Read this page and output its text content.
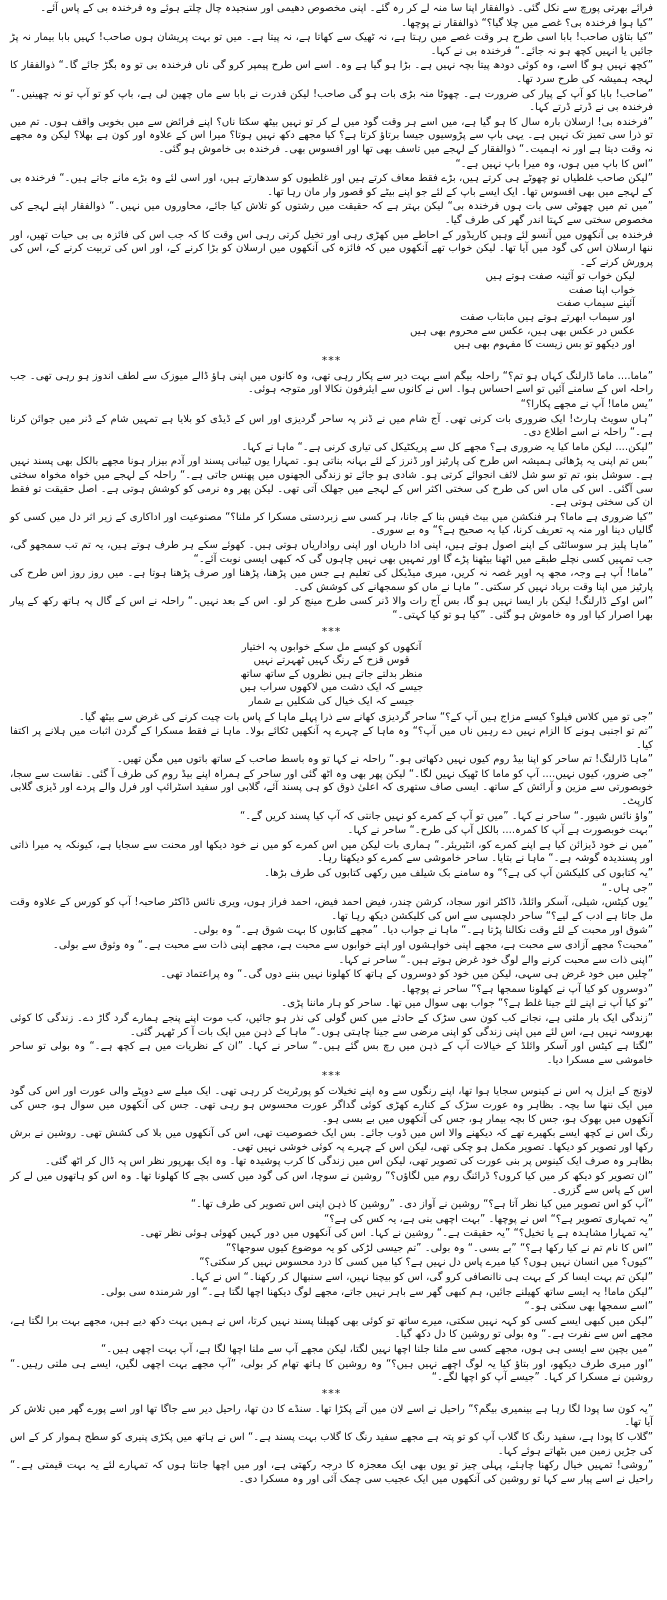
فرائے بھرتی پورچ سے نکل گئی۔ ذوالفقار اپنا سا منہ لے کر رہ گئے۔ اپنی مخصوص دھیمی اور سنجیدہ چال چلتے ہوئے وہ فرخندہ بی کے پاس آئے۔

”کیا ہوا فرخندہ بی؟ غصے میں چلا گیا؟“ ذوالفقار نے پوچھا۔

”کیا بتاؤں صاحب! بابا اسی طرح ہر وقت غصے میں رہتا ہے، نہ ٹھیک سے کھاتا ہے، نہ پیتا ہے۔ میں تو بہت پریشان ہوں صاحب! کہیں بابا بیمار نہ پڑ جائیں یا انہیں کچھ ہو نہ جائے۔“ فرخندہ بی نے کہا۔

”کچھ نہیں ہو گا اسے، وہ کوئی دودھ پیتا بچہ نہیں ہے۔ بڑا ہو گیا ہے وہ۔ اسے اس طرح پیمپر کرو گی ناں فرخندہ بی تو وہ بگڑ جائے گا۔“ ذوالفقار کا لہجہ ہمیشہ کی طرح سرد تھا۔

”صاحب! بابا کو آپ کے پیار کی ضرورت ہے۔ چھوٹا منہ بڑی بات ہو گی صاحب! لیکن قدرت نے بابا سے ماں چھین لی ہے، باپ کو تو آپ تو نہ چھینیں۔“ فرخندہ بی نے ڈرتے ڈرتے کہا۔

”فرخندہ بی! ارسلان بارہ سال کا ہو گیا ہے، میں اسے ہر وقت گود میں لے کر تو نہیں بیٹھ سکتا ناں؟ اپنے فرائض سے میں بخوبی واقف ہوں۔ تم میں تو ذرا سی تمیز تک نہیں ہے۔ یہی باپ سے پڑوسیوں جیسا برتاؤ کرتا ہے؟ کیا مجھے دکھ نہیں ہوتا؟ میرا اس کے علاوہ اور کون ہے بھلا؟ لیکن وہ مجھے نہ وقت دیتا ہے اور نہ اہمیت۔“ ذوالفقار کے لہجے میں تاسف بھی تھا اور افسوس بھی۔ فرخندہ بی خاموش ہو گئی۔

”اس کا باپ میں ہوں، وہ میرا باپ نہیں ہے۔“

”لیکن صاحب غلطیاں تو چھوٹے ہی کرتے ہیں، بڑے فقط معاف کرتے ہیں اور غلطیوں کو سدھارتے ہیں، اور اسی لئے وہ بڑے مانے جاتے ہیں۔“ فرخندہ بی کے لہجے میں بھی افسوس تھا۔ ایک ایسے باپ کے لئے جو اپنے بیٹے کو قصور وار مان رہا تھا۔

”میں تم میں چھوٹی سی بات ہوں فرخندہ بی“ لیکن بہتر ہے کہ حقیقت میں رشتوں کو تلاش کیا جائے، محاوروں میں نہیں۔“ ذوالفقار اپنے لہجے کی مخصوص سختی سے کہتا اندر گھر کی طرف گیا۔

فرخندہ بی آنکھوں میں آنسو لئے وہیں کاریڈور کے احاطے میں کھڑی رہی اور تخیل کرتی رہی اس وقت کا کہ جب اس کی فائزہ بی بی حیات تھیں، اور ننھا ارسلان اس کی گود میں آیا تھا۔ لیکن خواب تھے آنکھوں میں کہ فائزہ کی آنکھوں میں ارسلان کو بڑا کرنے کے، اور اس کی تربیت کرنے کے، اس کی پرورش کرنے کے۔

لیکن خواب تو آئینہ صفت ہوتے ہیں
خواب اپنا صفت
آئینے سیماب صفت
اور سیماب ابھرتے ہوتے ہیں مابتاب صفت
عکس در عکس بھی ہیں، عکس سے محروم بھی ہیں
اور دیکھو تو بس زیست کا مفہوم بھی ہیں
***

”ماما.... ماما ڈارلنگ کہاں ہو تم؟“ راحلہ بیگم اسے بہت دیر سے پکار رہی تھی، وہ کانوں میں اپنی ہاؤ ڈالے میوزک سے لطف اندوز ہو رہی تھی۔ جب راحلہ اس کے سامنے آئیں تو اسے احساس ہوا۔ اس نے کانوں سے ایئرفون نکالا اور متوجہ ہوئی۔

”یس ماما! آپ نے مجھے پکارا؟“

”ہاں سویٹ ہارٹ! ایک ضروری بات کرنی تھی۔ آج شام میں نے ڈنر پہ ساحر گردیزی اور اس کے ڈیڈی کو بلایا ہے تمہیں شام کے ڈنر میں جوائن کرنا ہے۔“ راحلہ نے اسے اطلاع دی۔

”لیکن.... لیکن ماما کیا یہ ضروری ہے؟ مجھے کل سے پریکٹیکل کی تیاری کرنی ہے۔“ ماہا نے کہا۔

”بس تم اپنی یہ پڑھائی ہمیشہ اس طرح کی پارٹیز اور ڈنرز کے لئے بہانہ بناتی ہو۔ تمہارا یوں ٹیبانی پسند اور آدم بیزار ہونا مجھے بالکل بھی پسند نہیں ہے۔ سوشل بنو، تم تو سو شل لائف انجوائے کرتی ہو۔ شادی ہو جائے تو زندگی الجھنوں میں پھنس جاتی ہے۔“ راحلہ کے لہجے میں خواہ مخواہ سختی سی آگئی۔ اس کی ماں اس کی طرح کی سختی اکثر اس کے لہجے میں جھلک آتی تھی۔ لیکن پھر وہ نرمی کو کوشش ہوتی ہے۔ اصل حقیقت تو فقط ان کی سختی ہوتی ہے۔

”کیا ضروری ہے ماما؟ ہر فنکشن میں بیٹ فیس بنا کے جانا، ہر کسی سے زبردستی مسکرا کر ملنا؟“ مصنوعیت اور اداکاری کے زیر اثر دل میں کسی کو گالیاں دینا اور منہ پہ تعریف کرنا، کیا یہ صحیح ہے؟“ وہ بے سوری۔

”ماہا پلیز ہر سوسائٹی کے اپنے اصول ہوتے ہیں، اپنی ادا داریاں اور اپنی رواداریاں ہوتی ہیں۔ کھوئے سکے ہر طرف ہوتے ہیں، یہ تم تب سمجھو گی، جب تمہیں کسی نچلے طبقے میں اٹھنا بیٹھنا پڑے گا اور تمہیں بھی نہیں چاہوں گی کہ کبھی ایسی نوبت آئے۔“

”ماما! آپ ہے وجہ، مجھ پہ اوپر غصہ نہ کریں، میری میڈیکل کی تعلیم ہے جس میں پڑھنا، پڑھنا اور صرف پڑھنا ہوتا ہے۔ میں روز روز اس طرح کی پارٹیز میں اپنا وقت برباد نہیں کر سکتی۔“ ماہا نے ماں کو سمجھانے کی کوشش کی۔

”اس اوکے ڈارلنگ! لیکن بار ایسا نہیں ہو گا، بس آج رات والا ڈنر کسی طرح مینج کر لو۔ اس کے بعد نہیں۔“ راحلہ نے اس کے گال پہ ہاتھ رکھ کے پیار بھرا اصرار کیا اور وہ خاموش ہو گئی۔ ”کیا ہو تو کیا کہتی۔“

***
آنکھوں کو کیسے مل سکے خوابوں پہ اختیار
قوس قزح کے رنگ کہیں ٹھہرتے نہیں
منظر بدلتے جاتے ہیں نظروں کے ساتھ ساتھ
جیسے کہ ایک دشت میں لاکھوں سراب ہیں
جیسے کہ ایک خیال کی شکلیں بے شمار

”جی تو میں کلاس فیلو؟ کیسے مزاج ہیں آپ کے؟“ ساحر گردیزی کھانے سے ذرا پہلے ماہا کے پاس بات چیت کرنے کی غرض سے بیٹھ گیا۔

”تم تو اجنبی ہونے کا الزام نہیں دے رہیں ناں میں آپ؟“ وہ ماہا کے چہرے پہ آنکھیں ٹکائے بولا۔ ماہا نے فقط مسکرا کے گردن اثبات میں ہلانے پر اکتفا کیا۔

”ماہا ڈارلنگ! تم ساحر کو اپنا بیڈ روم کیوں نہیں دکھاتی ہو۔“ راحلہ نے کہا تو وہ باسط صاحب کے ساتھ باتوں میں مگن تھیں۔

”جی ضرور، کیوں نہیں.... آپ کو ماما کا ٹھیک نہیں لگا۔“ لیکن پھر بھی وہ اٹھ گئی اور ساحر کے ہمراہ اپنے بیڈ روم کی طرف آ گئی۔ نفاست سے سجا، خوبصورتی سے مزین و آرائش کے ساتھ۔ ایسی صاف ستھری کہ اعلیٰ ذوق کو ہی پسند آئے، گلابی اور سفید اسٹرائپ اور فرل والے پردے اور ڈیزی گلابی کارپٹ۔

”واؤ نائس شیور۔“ ساحر نے کہا۔ ”میں تو آپ کے کمرے کو نہیں جانتی کہ آپ کیا پسند کریں گے۔“

”بہت خوبصورت ہے آپ کا کمرہ.... بالکل آپ کی طرح۔“ ساحر نے کہا۔

”میں نے خود ڈیزائن کیا ہے اپنے کمرے کو، انٹیریئر۔“ ہماری بات لیکن میں اس کمرے کو میں نے خود دیکھا اور محنت سے سجایا ہے، کیونکہ یہ میرا ذاتی اور پسندیدہ گوشہ ہے۔“ ماہا نے بتایا۔ ساحر خاموشی سے کمرے کو دیکھتا رہا۔

”یہ کتابوں کی کلیکشن آپ کی ہے؟“ وہ سامنے بک شیلف میں رکھی کتابوں کی طرف بڑھا۔

”جی ہاں۔“

”یوں کیٹس، شیلی، آسکر وائلڈ، ڈاکٹر انور سجاد، کرشن چندر، فیض احمد فیض، احمد فراز ہوں، ویری نائس ڈاکٹر صاحبہ! آپ کو کورس کے علاوہ وقت مل جاتا ہے ادب کے لیے؟“ ساحر دلچسپی سے اس کی کلیکشن دیکھ رہا تھا۔

”شوق اور محبت کے لئے وقت نکالنا پڑتا ہے۔“ ماہا نے جواب دیا۔ ”مجھے کتابوں کا بہت شوق ہے۔“ وہ بولی۔

”محبت؟ مجھے آزادی سے محبت ہے، مجھے اپنی خواہشوں اور اپنے خوابوں سے محبت ہے، مجھے اپنی ذات سے محبت ہے۔“ وہ وثوق سے بولی۔

”اپنی ذات سے محبت کرنے والے لوگ خود غرض ہوتے ہیں۔“ ساحر نے کہا۔

”چلیں میں خود غرض ہی سہی، لیکن میں خود کو دوسروں کے ہاتھ کا کھلونا نہیں بننے دوں گی۔“ وہ پراعتماد تھی۔

”دوسروں کو کیا آپ نے کھلونا سمجھا ہے؟“ ساحر نے پوچھا۔

”تو کیا آپ نے اپنے لئے جینا غلط ہے؟“ جواب بھی سوال میں تھا۔ ساحر کو ہار ماننا پڑی۔

”زندگی ایک بار ملتی ہے، نجانے کب کون سی سڑک کے حادثے میں کس گولی کی نذر ہو جائیں، کب موت اپنے پنجے ہمارے گرد گاڑ دے۔ زندگی کا کوئی بھروسہ نہیں ہے، اس لئے میں اپنی زندگی کو اپنی مرضی سے جینا چاہتی ہوں۔“ ماہا کے ذہن میں ایک بات آ کر ٹھہر گئی۔

”لگتا ہے کیٹس اور آسکر وائلڈ کے خیالات آپ کے ذہن میں رچ بس گئے ہیں۔“ ساحر نے کہا۔ ”ان کے نظریات میں ہے کچھ ہے۔“ وہ بولی تو ساحر خاموشی سے مسکرا دیا۔

***

لاونج کے ایزل پہ اس نے کینوس سجایا ہوا تھا، اپنے رنگوں سے وہ اپنے تخیلات کو پورٹریٹ کر رہی تھی۔ ایک میلے سے دوپٹے والی عورت اور اس کی گود میں ایک ننھا سا بچہ۔ بظاہر وہ عورت سڑک کے کنارے کھڑی کوئی گداگر عورت محسوس ہو رہی تھی۔ جس کی آنکھوں میں سوال ہو، جس کی آنکھوں میں بھوک ہو، جس کا بچہ بیمار ہو، جس کی آنکھوں میں بے بسی ہو۔

رنگ اس نے کچھ ایسے بکھیرے تھے کہ دیکھنے والا اس میں ڈوب جائے۔ بس ایک خصوصیت تھی، اس کی آنکھوں میں بلا کی کشش تھی۔ روشین نے برش رکھا اور تصویر کو دیکھا۔ تصویر مکمل ہو چکی تھی، لیکن اس کے چہرے پہ کوئی خوشی نہیں تھی۔

بظاہر وہ صرف ایک کینوس پر بنی عورت کی تصویر تھی، لیکن اس میں زندگی کا کرب پوشیدہ تھا۔ وہ ایک بھرپور نظر اس پہ ڈال کر اٹھ گئی۔

”ان تصویر کو دیکھ کر میں کیا کروں؟ ڈرائنگ روم میں لگاؤں؟“ روشین نے سوچا، اس کی گود میں کسی بچے کا کھلونا تھا۔ وہ اس کو ہاتھوں میں لے کر اس کے پاس سے گزری۔

”آپ کو اس تصویر میں کیا نظر آتا ہے؟“ روشین نے آواز دی۔ ”روشین کا ذہن اپنی اس تصویر کی طرف تھا۔“

”یہ تمہاری تصویر ہے؟“ اس نے پوچھا۔ ”بہت اچھی بنی ہے، یہ کس کی ہے؟“

”یہ تمہارا مشاہدہ ہے یا تخیل؟“ ”یہ حقیقت ہے۔“ روشین نے کہا۔ اس کی آنکھوں میں دور کہیں کھوئی ہوئی نظر تھی۔

”اس کا نام تم نے کیا رکھا ہے؟“ ”بے بسی۔“ وہ بولی۔ ”تم جیسی لڑکی کو یہ موضوع کیوں سوجھا؟“

”کیوں؟ میں انسان نہیں ہوں؟ کیا میرے پاس دل نہیں ہے؟ کیا میں کسی کا درد محسوس نہیں کر سکتی؟“

”لیکن تم بہت ایسا کر کے بہت ہی ناانصافی کرو گی، اس کو بیچنا نہیں، اسے سنبھال کر رکھنا۔“ اس نے کہا۔

”لیکن ماما! یہ ایسے ساتھ کھیلنے جائیں، ہم کبھی گھر سے باہر نہیں جاتے، مجھے لوگ دیکھنا اچھا لگتا ہے۔“ اور شرمندہ سی بولی۔

”اسے سمجھا بھی سکتی ہو۔“

”لیکن میں کبھی ایسے کسی کو کہہ نہیں سکتی، میرے ساتھ تو کوئی بھی کھیلنا پسند نہیں کرتا، اس نے ہمیں بہت دکھ دیے ہیں، مجھے بہت برا لگتا ہے، مجھے اس سے نفرت ہے۔“ وہ بولی تو روشین کا دل دکھ گیا۔

”میں بچپن سے ایسی ہی ہوں، مجھے کسی سے ملنا جلنا اچھا نہیں لگتا، لیکن مجھے آپ سے ملنا اچھا لگا ہے، آپ بہت اچھی ہیں۔“

”اور میری طرف دیکھو، اور بتاؤ کیا یہ لوگ اچھے نہیں ہیں؟“ وہ روشین کا ہاتھ تھام کر بولی، ”آپ مجھے بہت اچھی لگیں، ایسے ہی ملتی رہیں۔“ روشین نے مسکرا کر کہا۔ ”جیسے آپ کو اچھا لگے۔“

***

”یہ کون سا پودا لگا رہا ہے بینمیری بیگم؟“ راحیل نے اسے لان میں آتے پکڑا تھا۔ سنڈے کا دن تھا، راحیل دیر سے جاگا تھا اور اسے پورے گھر میں تلاش کر آیا تھا۔

”گلاب کا پودا ہے، سفید رنگ کا گلاب آپ کو تو پتہ ہے مجھے سفید رنگ کا گلاب بہت پسند ہے۔“ اس نے ہاتھ میں پکڑی پنیری کو سطح ہموار کر کے اس کی جڑیں زمین میں بٹھاتے ہوئے کہا۔

”روشی! تمہیں خیال رکھنا چاہئے، پہلی چیز تو یوں بھی ایک معجزہ کا درجہ رکھتی ہے، اور میں اچھا جانتا ہوں کہ تمہارے لئے یہ بہت قیمتی ہے۔“ راحیل نے اسے پیار سے کہا تو روشین کی آنکھوں میں ایک عجیب سی چمک آئی اور وہ مسکرا دی۔
